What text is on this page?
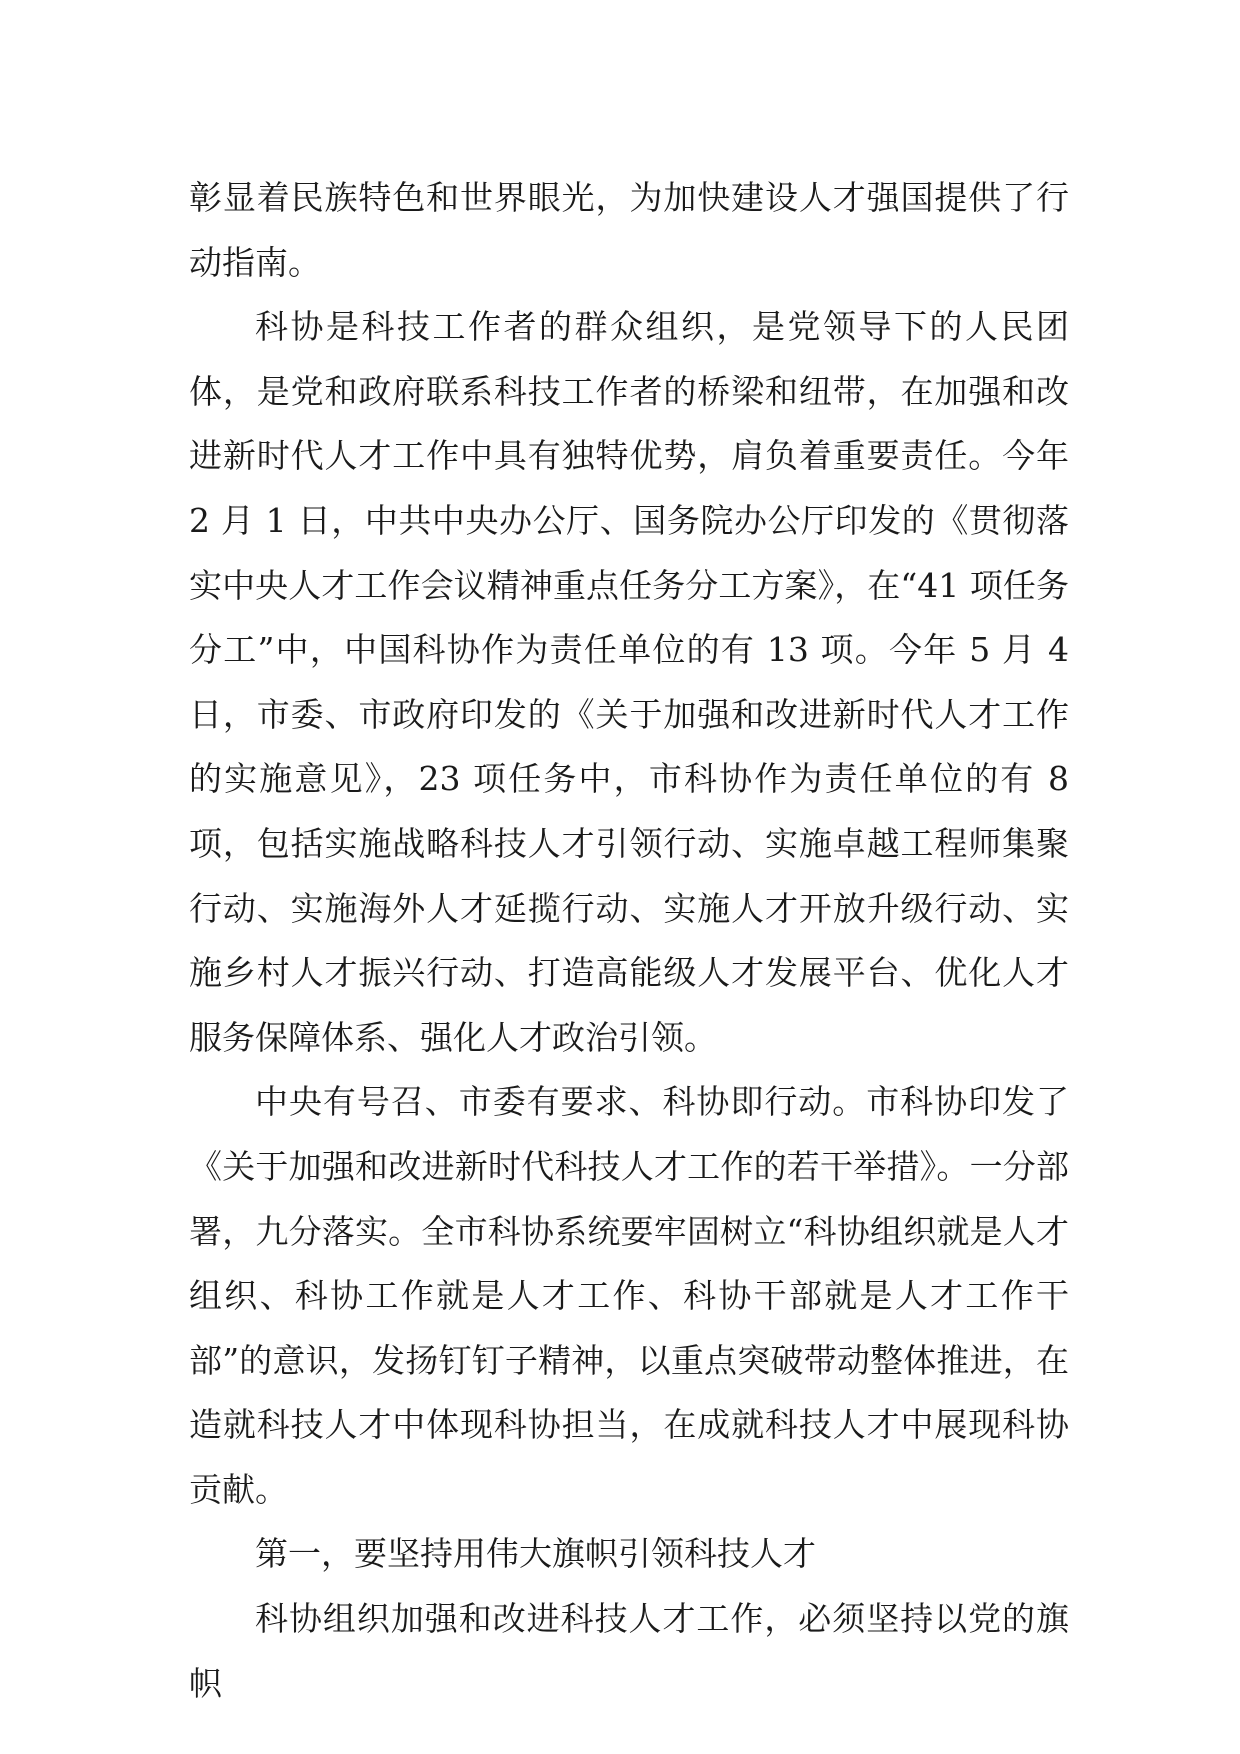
彰显着民族特色和世界眼光，为加快建设人才强国提供了行动指南。

科协是科技工作者的群众组织，是党领导下的人民团体，是党和政府联系科技工作者的桥梁和纽带，在加强和改进新时代人才工作中具有独特优势，肩负着重要责任。今年 2 月 1 日，中共中央办公厅、国务院办公厅印发的《贯彻落实中央人才工作会议精神重点任务分工方案》，在“41 项任务分工”中，中国科协作为责任单位的有 13 项。今年 5 月 4 日，市委、市政府印发的《关于加强和改进新时代人才工作的实施意见》，23 项任务中，市科协作为责任单位的有 8 项，包括实施战略科技人才引领行动、实施卓越工程师集聚行动、实施海外人才延揽行动、实施人才开放升级行动、实施乡村人才振兴行动、打造高能级人才发展平台、优化人才服务保障体系、强化人才政治引领。

中央有号召、市委有要求、科协即行动。市科协印发了《关于加强和改进新时代科技人才工作的若干举措》。一分部署，九分落实。全市科协系统要牢固树立“科协组织就是人才组织、科协工作就是人才工作、科协干部就是人才工作干部”的意识，发扬钉钉子精神，以重点突破带动整体推进，在造就科技人才中体现科协担当，在成就科技人才中展现科协贡献。

第一，要坚持用伟大旗帜引领科技人才

科协组织加强和改进科技人才工作，必须坚持以党的旗帜
